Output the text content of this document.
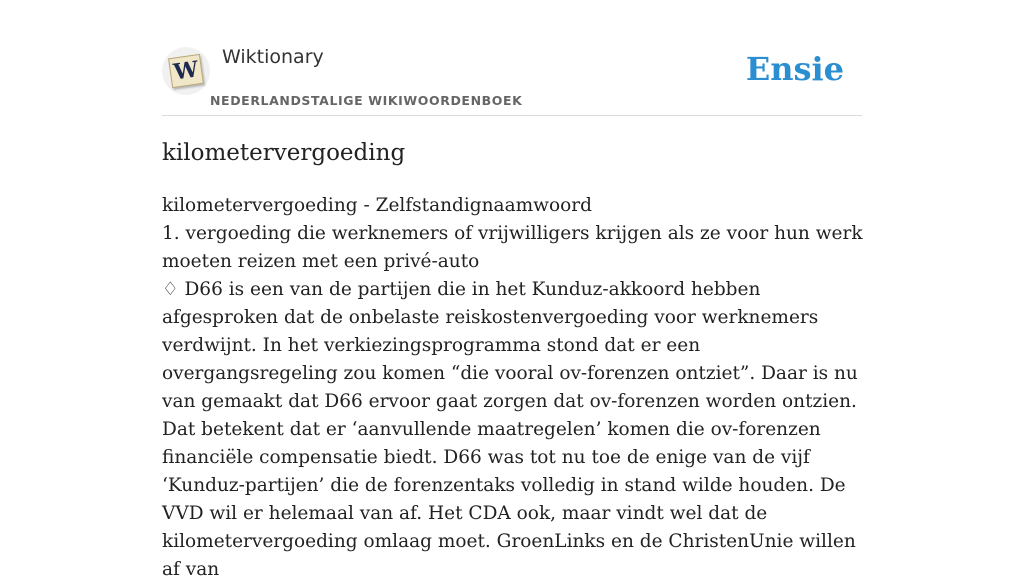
W Wiktionary
NEDERLANDSTALIGE WIKIWOORDENBOEK
Ensie
kilometervergoeding

kilometervergoeding - Zelfstandignaamwoord

1. vergoeding die werknemers of vrijwilligers krijgen als ze voor hun werk moeten reizen met een privé-auto

♢ D66 is een van de partijen die in het Kunduz-akkoord hebben afgesproken dat de onbelaste reiskostenvergoeding voor werknemers verdwijnt. In het verkiezingsprogramma stond dat er een overgangsregeling zou komen “die vooral ov-forenzen ontziet”. Daar is nu van gemaakt dat D66 ervoor gaat zorgen dat ov-forenzen worden ontzien. Dat betekent dat er ‘aanvullende maatregelen’ komen die ov-forenzen financiële compensatie biedt. D66 was tot nu toe de enige van de vijf ‘Kunduz-partijen’ die de forenzentaks volledig in stand wilde houden. De VVD wil er helemaal van af. Het CDA ook, maar vindt wel dat de kilometervergoeding omlaag moet. GroenLinks en de ChristenUnie willen af van
